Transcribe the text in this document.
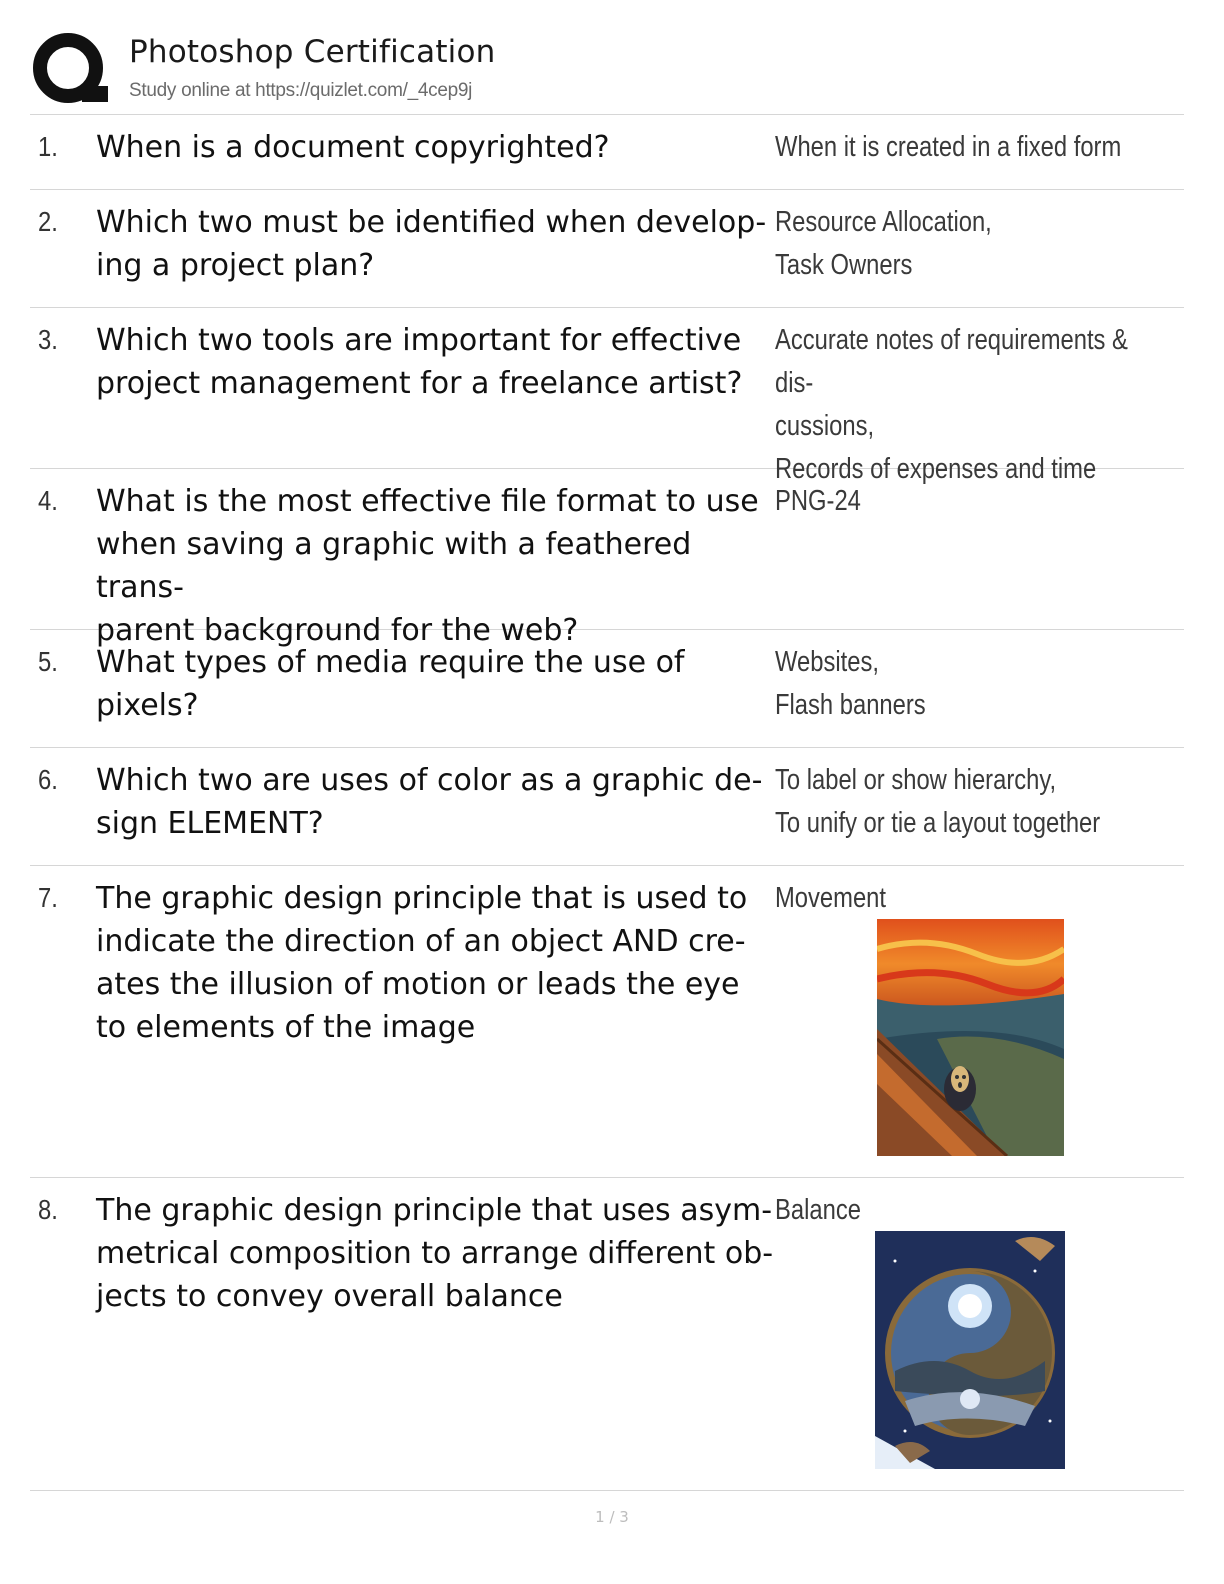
Photoshop Certification
Study online at https://quizlet.com/_4cep9j
1. When is a document copyrighted?	When it is created in a fixed form
2. Which two must be identified when develop-
ing a project plan?
Resource Allocation,
Task Owners
3. Which two tools are important for effective project management for a freelance artist?
Accurate notes of requirements & dis-
cussions,
Records of expenses and time
4. What is the most effective file format to use when saving a graphic with a feathered trans-
parent background for the web?
PNG-24
5. What types of media require the use of pixels?
Websites,
Flash banners
6. Which two are uses of color as a graphic de-
sign ELEMENT?
To label or show hierarchy,
To unify or tie a layout together
7. The graphic design principle that is used to indicate the direction of an object AND cre-
ates the illusion of motion or leads the eye to elements of the image
Movement
8. The graphic design principle that uses asym-
metrical composition to arrange different ob-
jects to convey overall balance
Balance
1 / 3
